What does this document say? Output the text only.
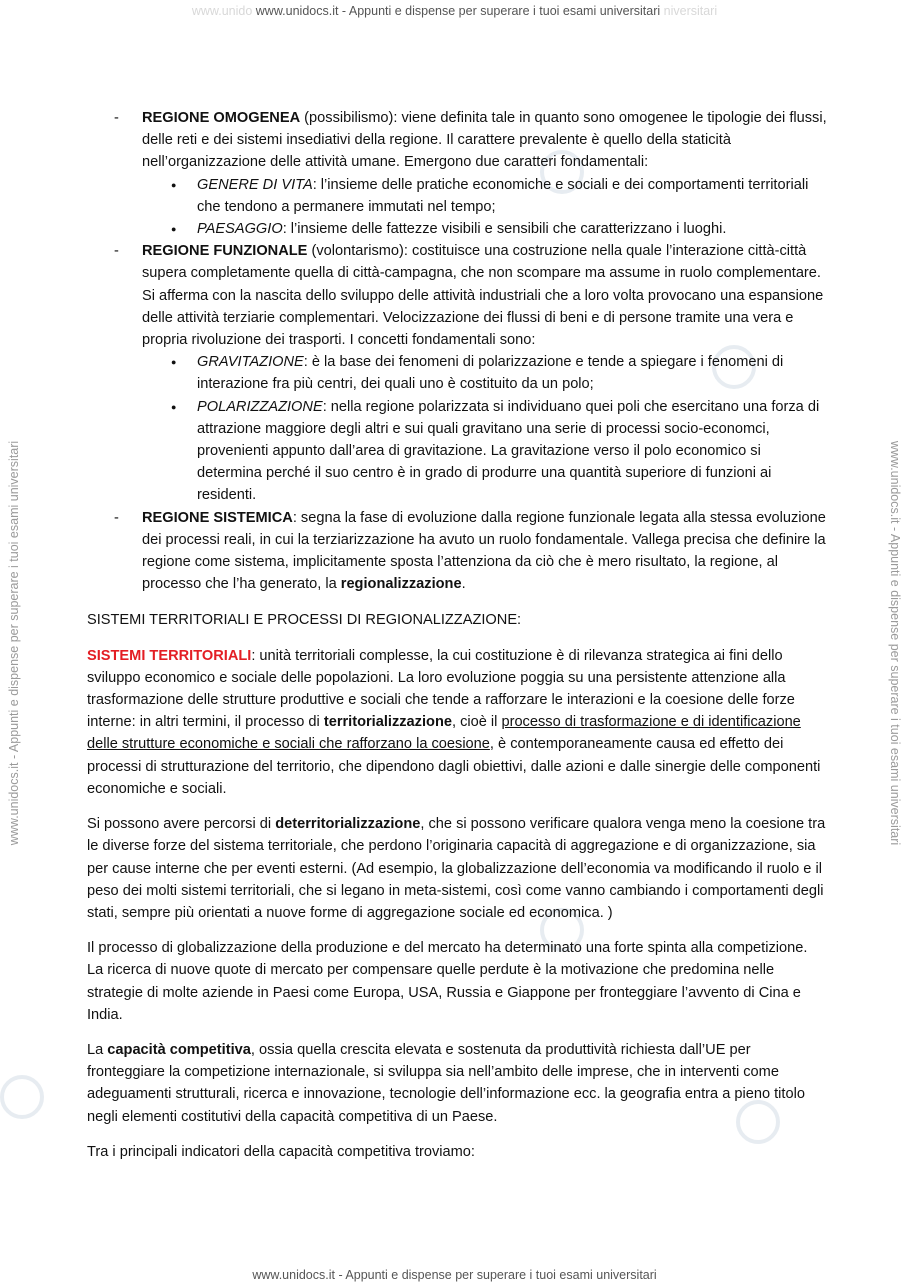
www.unido www.unidocs.it - Appunti e dispense per superare i tuoi esami universitari niversitari
www.unidocs.it - Appunti e dispense per superare i tuoi esami universitari	www.unidocs.it - Appunti e dispense per superare i tuoi esami universitari
- REGIONE OMOGENEA (possibilismo): viene definita tale in quanto sono omogenee le tipologie dei flussi, delle reti e dei sistemi insediativi della regione. Il carattere prevalente è quello della staticità nell’organizzazione delle attività umane. Emergono due caratteri fondamentali:
● GENERE DI VITA: l’insieme delle pratiche economiche e sociali e dei comportamenti territoriali che tendono a permanere immutati nel tempo;
● PAESAGGIO: l’insieme delle fattezze visibili e sensibili che caratterizzano i luoghi.
- REGIONE FUNZIONALE (volontarismo): costituisce una costruzione nella quale l’interazione città-città supera completamente quella di città-campagna, che non scompare ma assume in ruolo complementare. Si afferma con la nascita dello sviluppo delle attività industriali che a loro volta provocano una espansione delle attività terziarie complementari. Velocizzazione dei flussi di beni e di persone tramite una vera e propria rivoluzione dei trasporti. I concetti fondamentali sono:
● GRAVITAZIONE: è la base dei fenomeni di polarizzazione e tende a spiegare i fenomeni di interazione fra più centri, dei quali uno è costituito da un polo;
● POLARIZZAZIONE: nella regione polarizzata si individuano quei poli che esercitano una forza di attrazione maggiore degli altri e sui quali gravitano una serie di processi socio-economci, provenienti appunto dall’area di gravitazione. La gravitazione verso il polo economico si determina perché il suo centro è in grado di produrre una quantità superiore di funzioni ai residenti.
- REGIONE SISTEMICA: segna la fase di evoluzione dalla regione funzionale legata alla stessa evoluzione dei processi reali, in cui la terziarizzazione ha avuto un ruolo fondamentale. Vallega precisa che definire la regione come sistema, implicitamente sposta l’attenziona da ciò che è mero risultato, la regione, al processo che l’ha generato, la regionalizzazione.
SISTEMI TERRITORIALI E PROCESSI DI REGIONALIZZAZIONE:

SISTEMI TERRITORIALI: unità territoriali complesse, la cui costituzione è di rilevanza strategica ai fini dello sviluppo economico e sociale delle popolazioni. La loro evoluzione poggia su una persistente attenzione alla trasformazione delle strutture produttive e sociali che tende a rafforzare le interazioni e la coesione delle forze interne: in altri termini, il processo di territorializzazione, cioè il processo di trasformazione e di identificazione delle strutture economiche e sociali che rafforzano la coesione, è contemporaneamente causa ed effetto dei processi di strutturazione del territorio, che dipendono dagli obiettivi, dalle azioni e dalle sinergie delle componenti economiche e sociali.

Si possono avere percorsi di deterritorializzazione, che si possono verificare qualora venga meno la coesione tra le diverse forze del sistema territoriale, che perdono l’originaria capacità di aggregazione e di organizzazione, sia per cause interne che per eventi esterni. (Ad esempio, la globalizzazione dell’economia va modificando il ruolo e il peso dei molti sistemi territoriali, che si legano in meta-sistemi, così come vanno cambiando i comportamenti degli stati, sempre più orientati a nuove forme di aggregazione sociale ed economica. )

Il processo di globalizzazione della produzione e del mercato ha determinato una forte spinta alla competizione. La ricerca di nuove quote di mercato per compensare quelle perdute è la motivazione che predomina nelle strategie di molte aziende in Paesi come Europa, USA, Russia e Giappone per fronteggiare l’avvento di Cina e India.

La capacità competitiva, ossia quella crescita elevata e sostenuta da produttività richiesta dall’UE per fronteggiare la competizione internazionale, si sviluppa sia nell’ambito delle imprese, che in interventi come adeguamenti strutturali, ricerca e innovazione, tecnologie dell’informazione ecc. la geografia entra a pieno titolo negli elementi costitutivi della capacità competitiva di un Paese.

Tra i principali indicatori della capacità competitiva troviamo:

www.unidocs.it - Appunti e dispense per superare i tuoi esami universitari
